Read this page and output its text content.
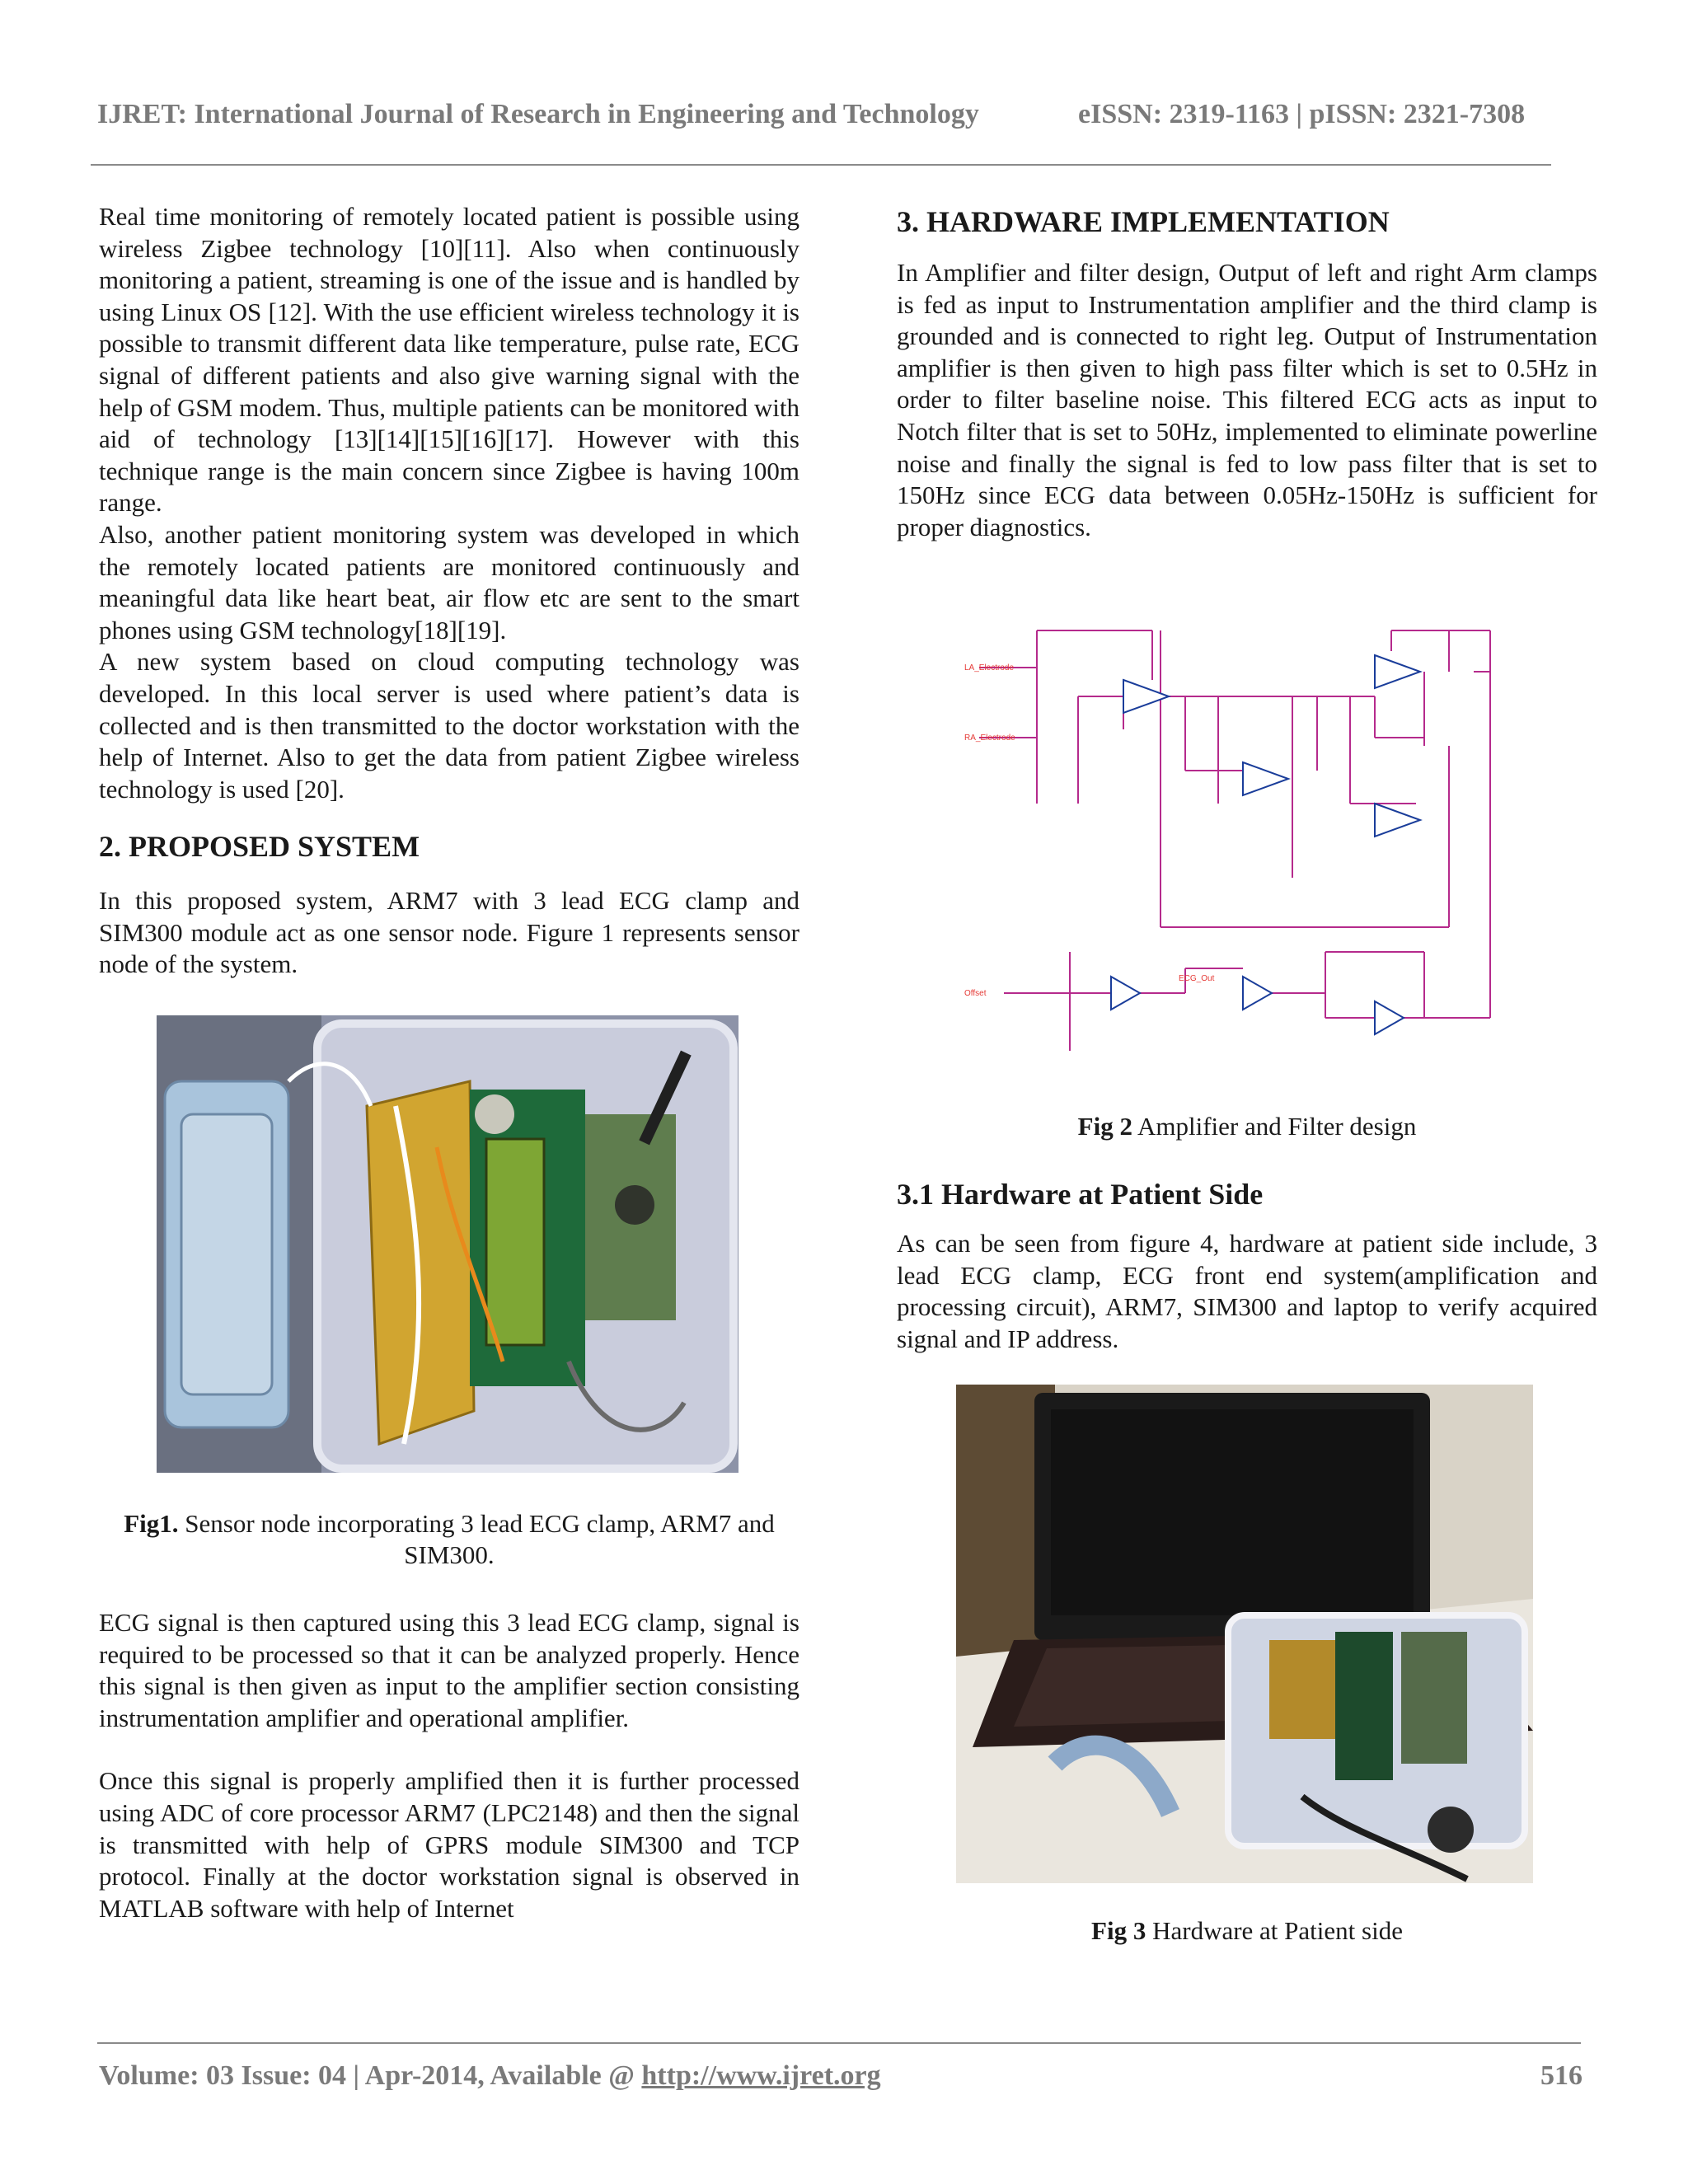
IJRET: International Journal of Research in Engineering and Technology	eISSN: 2319-1163 | pISSN: 2321-7308

Real time monitoring of remotely located patient is possible using wireless Zigbee technology [10][11]. Also when continuously monitoring a patient, streaming is one of the issue and is handled by using Linux OS [12]. With the use efficient wireless technology it is possible to transmit different data like temperature, pulse rate, ECG signal of different patients and also give warning signal with the help of GSM modem. Thus, multiple patients can be monitored with aid of technology [13][14][15][16][17]. However with this technique range is the main concern since Zigbee is having 100m range.

Also, another patient monitoring system was developed in which the remotely located patients are monitored continuously and meaningful data like heart beat, air flow etc are sent to the smart phones using GSM technology[18][19].

A new system based on cloud computing technology was developed. In this local server is used where patient’s data is collected and is then transmitted to the doctor workstation with the help of Internet. Also to get the data from patient Zigbee wireless technology is used [20].

2. PROPOSED SYSTEM

In this proposed system, ARM7 with 3 lead ECG clamp and SIM300 module act as one sensor node. Figure 1 represents sensor node of the system.

Fig1. Sensor node incorporating 3 lead ECG clamp, ARM7 and SIM300.

ECG signal is then captured using this 3 lead ECG clamp, signal is required to be processed so that it can be analyzed properly. Hence this signal is then given as input to the amplifier section consisting instrumentation amplifier and operational amplifier.

Once this signal is properly amplified then it is further processed using ADC of core processor ARM7 (LPC2148) and then the signal is transmitted with help of GPRS module SIM300 and TCP protocol. Finally at the doctor workstation signal is observed in MATLAB software with help of Internet

3. HARDWARE IMPLEMENTATION

In Amplifier and filter design, Output of left and right Arm clamps is fed as input to Instrumentation amplifier and the third clamp is grounded and is connected to right leg. Output of Instrumentation amplifier is then given to high pass filter which is set to 0.5Hz in order to filter baseline noise. This filtered ECG acts as input to Notch filter that is set to 50Hz, implemented to eliminate powerline noise and finally the signal is fed to low pass filter that is set to 150Hz since ECG data between 0.05Hz-150Hz is sufficient for proper diagnostics.

LA_Electrode
RA_Electrode
Offset
ECG_Out
Fig 2 Amplifier and Filter design
3.1 Hardware at Patient Side

As can be seen from figure 4, hardware at patient side include, 3 lead ECG clamp, ECG front end system(amplification and processing circuit), ARM7, SIM300 and laptop to verify acquired signal and IP address.

Fig 3 Hardware at Patient side
Volume: 03 Issue: 04 | Apr-2014, Available @ http://www.ijret.org	516
